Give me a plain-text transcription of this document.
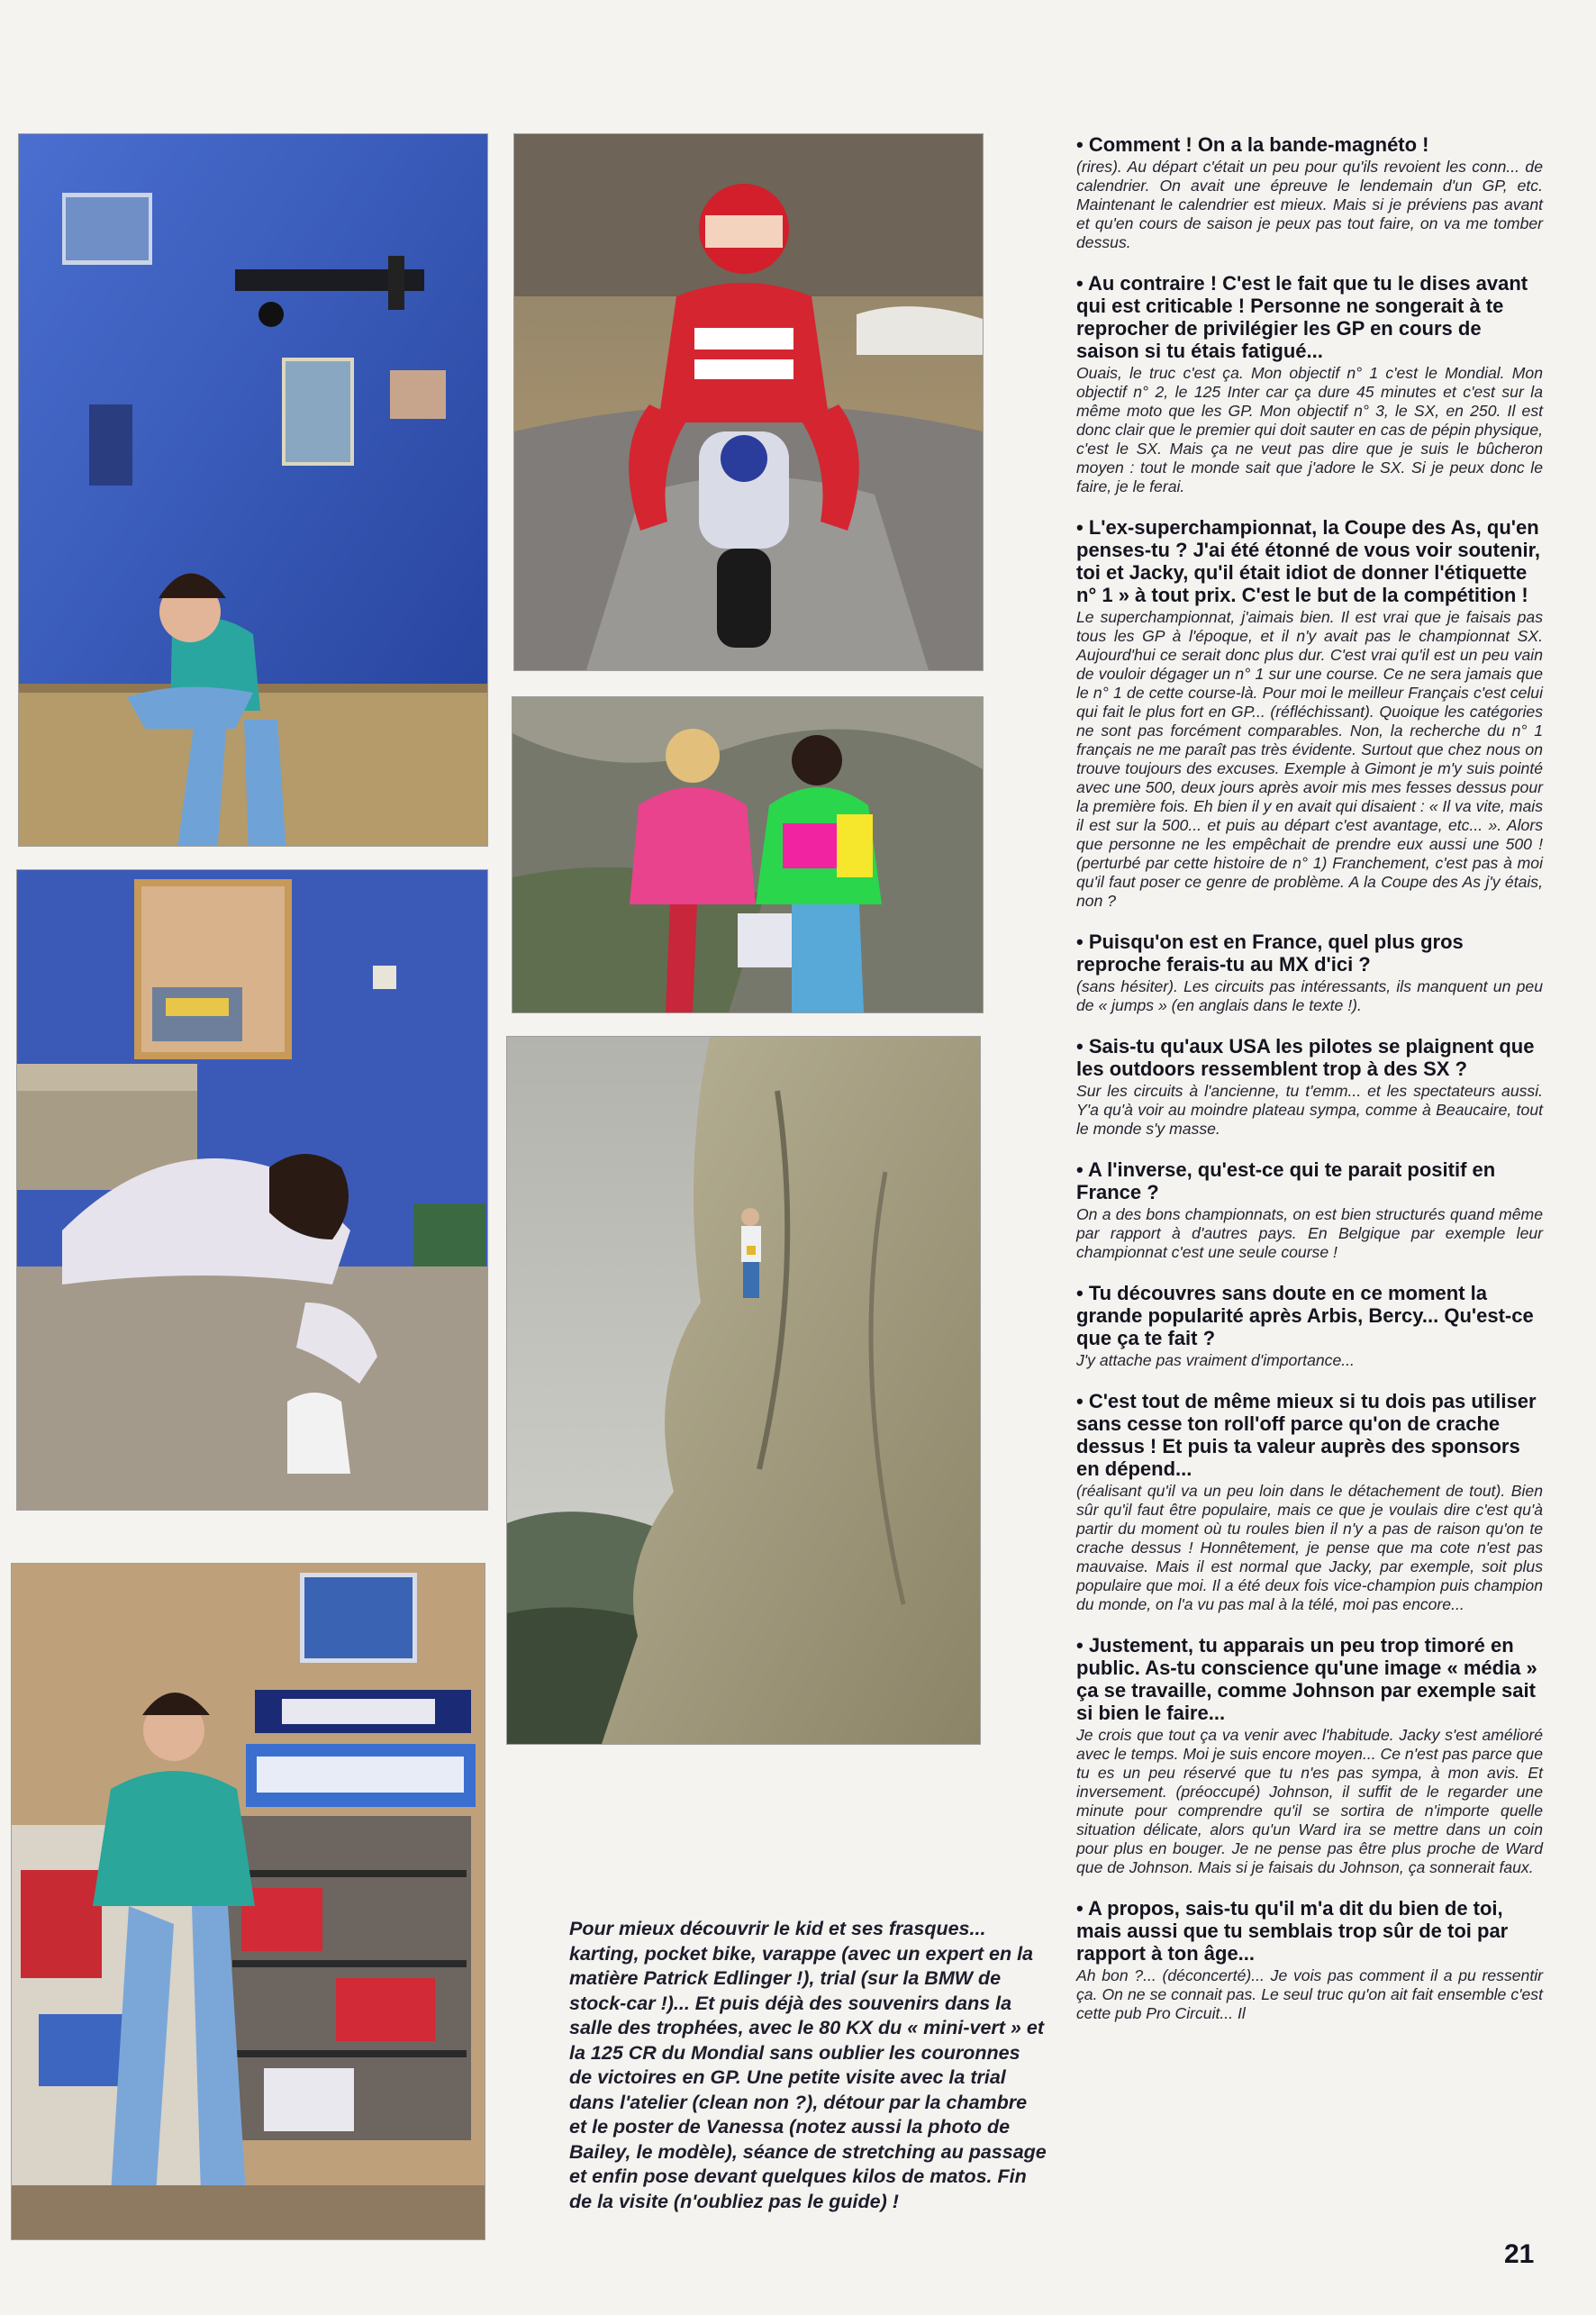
Pour mieux découvrir le kid et ses frasques... karting, pocket bike, varappe (avec un expert en la matière Patrick Edlinger !), trial (sur la BMW de stock-car !)... Et puis déjà des souvenirs dans la salle des trophées, avec le 80 KX du « mini-vert » et la 125 CR du Mondial sans oublier les couronnes de victoires en GP. Une petite visite avec la trial dans l'atelier (clean non ?), détour par la chambre et le poster de Vanessa (notez aussi la photo de Bailey, le modèle), séance de stretching au passage et enfin pose devant quelques kilos de matos. Fin de la visite (n'oubliez pas le guide) !

• Comment ! On a la bande-magnéto !

(rires). Au départ c'était un peu pour qu'ils revoient les conn... de calendrier. On avait une épreuve le lendemain d'un GP, etc. Maintenant le calendrier est mieux. Mais si je préviens pas avant et qu'en cours de saison je peux pas tout faire, on va me tomber dessus.

• Au contraire ! C'est le fait que tu le dises avant qui est criticable ! Personne ne songerait à te reprocher de privilégier les GP en cours de saison si tu étais fatigué...

Ouais, le truc c'est ça. Mon objectif n° 1 c'est le Mondial. Mon objectif n° 2, le 125 Inter car ça dure 45 minutes et c'est sur la même moto que les GP. Mon objectif n° 3, le SX, en 250. Il est donc clair que le premier qui doit sauter en cas de pépin physique, c'est le SX. Mais ça ne veut pas dire que je suis le bûcheron moyen : tout le monde sait que j'adore le SX. Si je peux donc le faire, je le ferai.

• L'ex-superchampionnat, la Coupe des As, qu'en penses-tu ? J'ai été étonné de vous voir soutenir, toi et Jacky, qu'il était idiot de donner l'étiquette n° 1 » à tout prix. C'est le but de la compétition !

Le superchampionnat, j'aimais bien. Il est vrai que je faisais pas tous les GP à l'époque, et il n'y avait pas le championnat SX. Aujourd'hui ce serait donc plus dur. C'est vrai qu'il est un peu vain de vouloir dégager un n° 1 sur une course. Ce ne sera jamais que le n° 1 de cette course-là. Pour moi le meilleur Français c'est celui qui fait le plus fort en GP... (réfléchissant). Quoique les catégories ne sont pas forcément comparables. Non, la recherche du n° 1 français ne me paraît pas très évidente. Surtout que chez nous on trouve toujours des excuses. Exemple à Gimont je m'y suis pointé avec une 500, deux jours après avoir mis mes fesses dessus pour la première fois. Eh bien il y en avait qui disaient : « Il va vite, mais il est sur la 500... et puis au départ c'est avantage, etc... ». Alors que personne ne les empêchait de prendre eux aussi une 500 ! (perturbé par cette histoire de n° 1) Franchement, c'est pas à moi qu'il faut poser ce genre de problème. A la Coupe des As j'y étais, non ?

• Puisqu'on est en France, quel plus gros reproche ferais-tu au MX d'ici ?

(sans hésiter). Les circuits pas intéressants, ils manquent un peu de « jumps » (en anglais dans le texte !).

• Sais-tu qu'aux USA les pilotes se plaignent que les outdoors ressemblent trop à des SX ?

Sur les circuits à l'ancienne, tu t'emm... et les spectateurs aussi. Y'a qu'à voir au moindre plateau sympa, comme à Beaucaire, tout le monde s'y masse.

• A l'inverse, qu'est-ce qui te parait positif en France ?

On a des bons championnats, on est bien structurés quand même par rapport à d'autres pays. En Belgique par exemple leur championnat c'est une seule course !

• Tu découvres sans doute en ce moment la grande popularité après Arbis, Bercy... Qu'est-ce que ça te fait ?

J'y attache pas vraiment d'importance...

• C'est tout de même mieux si tu dois pas utiliser sans cesse ton roll'off parce qu'on de crache dessus ! Et puis ta valeur auprès des sponsors en dépend...

(réalisant qu'il va un peu loin dans le détachement de tout). Bien sûr qu'il faut être populaire, mais ce que je voulais dire c'est qu'à partir du moment où tu roules bien il n'y a pas de raison qu'on te crache dessus ! Honnêtement, je pense que ma cote n'est pas mauvaise. Mais il est normal que Jacky, par exemple, soit plus populaire que moi. Il a été deux fois vice-champion puis champion du monde, on l'a vu pas mal à la télé, moi pas encore...

• Justement, tu apparais un peu trop timoré en public. As-tu conscience qu'une image « média » ça se travaille, comme Johnson par exemple sait si bien le faire...

Je crois que tout ça va venir avec l'habitude. Jacky s'est amélioré avec le temps. Moi je suis encore moyen... Ce n'est pas parce que tu es un peu réservé que tu n'es pas sympa, à mon avis. Et inversement. (préoccupé) Johnson, il suffit de le regarder une minute pour comprendre qu'il se sortira de n'importe quelle situation délicate, alors qu'un Ward ira se mettre dans un coin pour plus en bouger. Je ne pense pas être plus proche de Ward que de Johnson. Mais si je faisais du Johnson, ça sonnerait faux.

• A propos, sais-tu qu'il m'a dit du bien de toi, mais aussi que tu semblais trop sûr de toi par rapport à ton âge...

Ah bon ?... (déconcerté)... Je vois pas comment il a pu ressentir ça. On ne se connait pas. Le seul truc qu'on ait fait ensemble c'est cette pub Pro Circuit... Il

21
